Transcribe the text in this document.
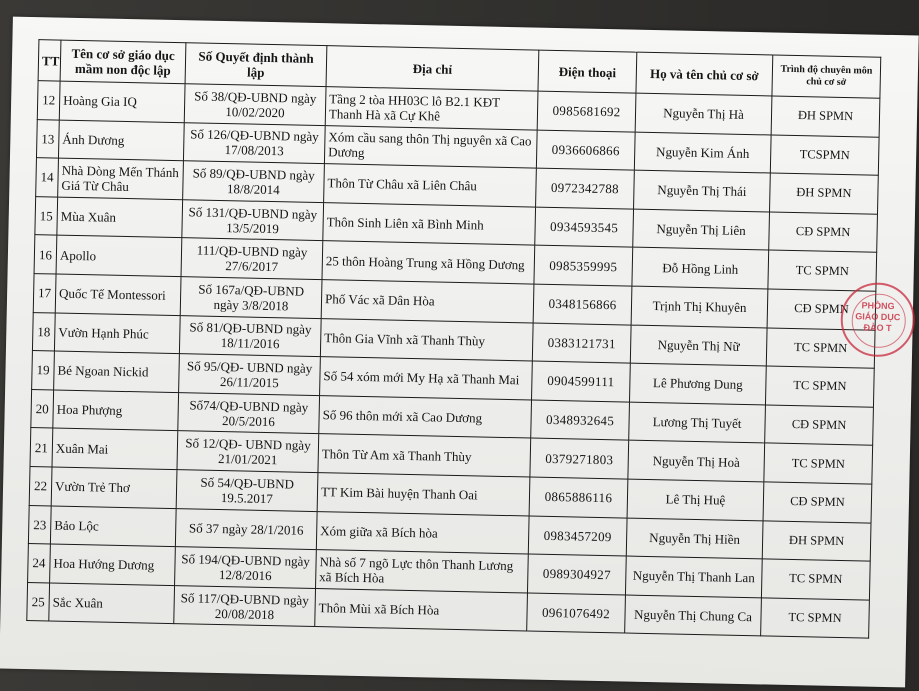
TT	Tên cơ sở giáo dục mầm non độc lập	Số Quyết định thành lập	Địa chỉ	Điện thoại	Họ và tên chủ cơ sở	Trình độ chuyên môn chủ cơ sở
12	Hoàng Gia IQ	Số 38/QĐ-UBND ngày 10/02/2020	Tầng 2 tòa HH03C lô B2.1 KĐT Thanh Hà xã Cự Khê	0985681692	Nguyễn Thị Hà	ĐH SPMN
13	Ánh Dương	Số 126/QĐ-UBND ngày 17/08/2013	Xóm cầu sang thôn Thị nguyên xã Cao Dương	0936606866	Nguyễn Kim Ánh	TCSPMN
14	Nhà Dòng Mến Thánh Giá Từ Châu	Số 89/QĐ-UBND ngày 18/8/2014	Thôn Từ Châu xã Liên Châu	0972342788	Nguyễn Thị Thái	ĐH SPMN
15	Mùa Xuân	Số 131/QĐ-UBND ngày 13/5/2019	Thôn Sinh Liên xã Bình Minh	0934593545	Nguyễn Thị Liên	CĐ SPMN
16	Apollo	111/QĐ-UBND ngày 27/6/2017	25 thôn Hoàng Trung xã Hồng Dương	0985359995	Đỗ Hồng Linh	TC SPMN
17	Quốc Tế Montessori	Số 167a/QĐ-UBND ngày 3/8/2018	Phố Vác xã Dân Hòa	0348156866	Trịnh Thị Khuyên	CĐ SPMN
18	Vườn Hạnh Phúc	Số 81/QĐ-UBND ngày 18/11/2016	Thôn Gia Vĩnh xã Thanh Thùy	0383121731	Nguyễn Thị Nữ	TC SPMN
19	Bé Ngoan Nickid	Số 95/QĐ- UBND ngày 26/11/2015	Số 54 xóm mới My Hạ xã Thanh Mai	0904599111	Lê Phương Dung	TC SPMN
20	Hoa Phượng	Số74/QĐ-UBND ngày 20/5/2016	Số 96 thôn mới xã Cao Dương	0348932645	Lương Thị Tuyết	CĐ SPMN
21	Xuân Mai	Số 12/QĐ- UBND ngày 21/01/2021	Thôn Từ Am xã Thanh Thùy	0379271803	Nguyễn Thị Hoà	TC SPMN
22	Vườn Trẻ Thơ	Số 54/QĐ-UBND 19.5.2017	TT Kim Bài huyện Thanh Oai	0865886116	Lê Thị Huệ	CĐ SPMN
23	Bảo Lộc	Số 37 ngày 28/1/2016	Xóm giữa xã Bích hòa	0983457209	Nguyễn Thị Hiền	ĐH SPMN
24	Hoa Hướng Dương	Số 194/QĐ-UBND ngày 12/8/2016	Nhà số 7 ngõ Lực thôn Thanh Lương xã Bích Hòa	0989304927	Nguyễn Thị Thanh Lan	TC SPMN
25	Sắc Xuân	Số 117/QĐ-UBND ngày 20/08/2018	Thôn Mùi xã Bích Hòa	0961076492	Nguyễn Thị Chung Ca	TC SPMN
PHÒNG
GIÁO DỤC
ĐÀO T
